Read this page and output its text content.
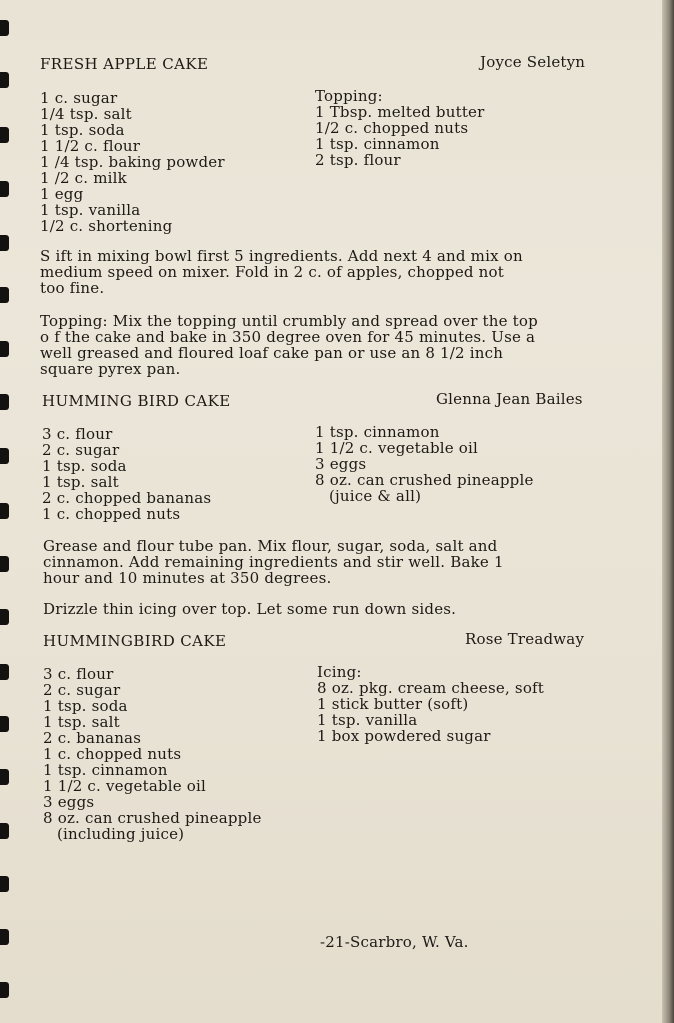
FRESH APPLE CAKE	Joyce Seletyn
1 c. sugar
1/4 tsp. salt
1 tsp. soda
1 1/2 c. flour
1 /4 tsp. baking powder
1 /2 c. milk
1 egg
1 tsp. vanilla
1/2 c. shortening
Topping:
1 Tbsp. melted butter
1/2 c. chopped nuts
1 tsp. cinnamon
2 tsp. flour
S ift in mixing bowl first 5 ingredients. Add next 4 and mix on
medium speed on mixer. Fold in 2 c. of apples, chopped not
too fine.
Topping: Mix the topping until crumbly and spread over the top
o f the cake and bake in 350 degree oven for 45 minutes. Use a
well greased and floured loaf cake pan or use an 8 1/2 inch
square pyrex pan.
HUMMING BIRD CAKE	Glenna Jean Bailes
3 c. flour
2 c. sugar
1 tsp. soda
1 tsp. salt
2 c. chopped bananas
1 c. chopped nuts
1 tsp. cinnamon
1 1/2 c. vegetable oil
3 eggs
8 oz. can crushed pineapple
(juice & all)
Grease and flour tube pan. Mix flour, sugar, soda, salt and
cinnamon. Add remaining ingredients and stir well. Bake 1
hour and 10 minutes at 350 degrees.
Drizzle thin icing over top. Let some run down sides.
HUMMINGBIRD CAKE	Rose Treadway
3 c. flour
2 c. sugar
1 tsp. soda
1 tsp. salt
2 c. bananas
1 c. chopped nuts
1 tsp. cinnamon
1 1/2 c. vegetable oil
3 eggs
8 oz. can crushed pineapple
(including juice)
Icing:
8 oz. pkg. cream cheese, soft
1 stick butter (soft)
1 tsp. vanilla
1 box powdered sugar
-21-Scarbro, W. Va.
